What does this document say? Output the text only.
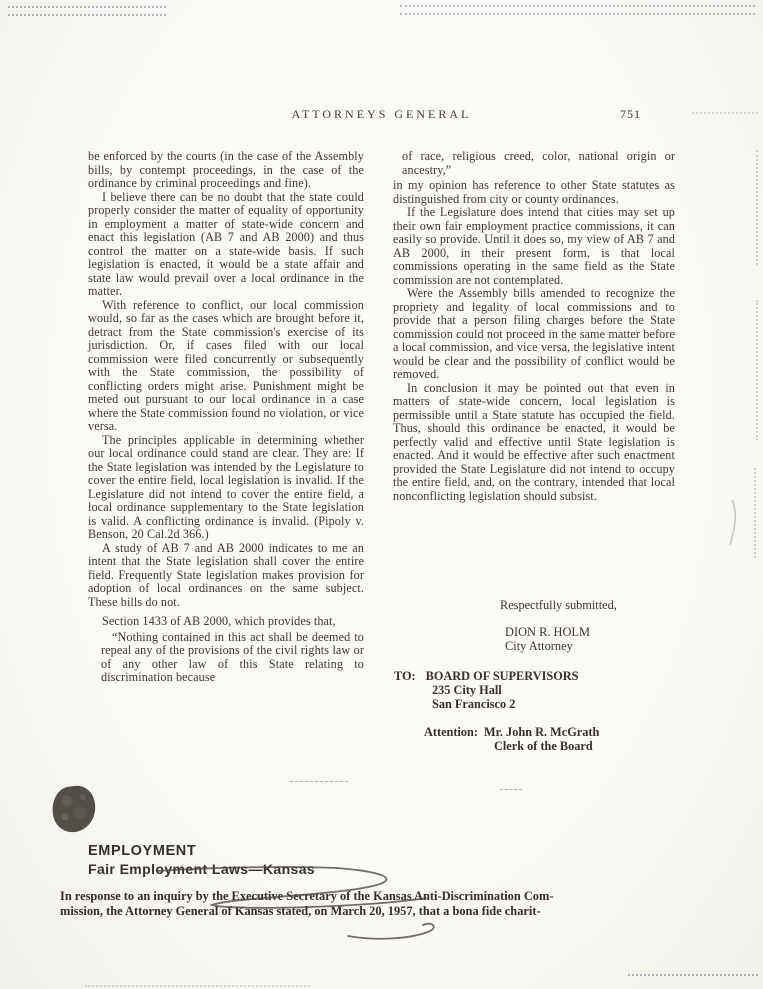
ATTORNEYS GENERAL	751

be enforced by the courts (in the case of the Assembly bills, by contempt proceedings, in the case of the ordinance by criminal proceedings and fine).

I believe there can be no doubt that the state could properly consider the matter of equality of opportunity in employment a matter of state-wide concern and enact this legislation (AB 7 and AB 2000) and thus control the matter on a state-wide basis. If such legislation is enacted, it would be a state affair and state law would prevail over a local ordinance in the matter.

With reference to conflict, our local commission would, so far as the cases which are brought before it, detract from the State commission's exercise of its jurisdiction. Or, if cases filed with our local commission were filed concurrently or subsequently with the State commission, the possibility of conflicting orders might arise. Punishment might be meted out pursuant to our local ordinance in a case where the State commission found no violation, or vice versa.

The principles applicable in determining whether our local ordinance could stand are clear. They are: If the State legislation was intended by the Legislature to cover the entire field, local legislation is invalid. If the Legislature did not intend to cover the entire field, a local ordinance supplementary to the State legislation is valid. A conflicting ordinance is invalid. (Pipoly v. Benson, 20 Cal.2d 366.)

A study of AB 7 and AB 2000 indicates to me an intent that the State legislation shall cover the entire field. Frequently State legislation makes provision for adoption of local ordinances on the same subject. These bills do not.

Section 1433 of AB 2000, which provides that,

“Nothing contained in this act shall be deemed to repeal any of the provisions of the civil rights law or of any other law of this State relating to discrimination because

of race, religious creed, color, national origin or ancestry,”

in my opinion has reference to other State statutes as distinguished from city or county ordinances.

If the Legislature does intend that cities may set up their own fair employment practice commissions, it can easily so provide. Until it does so, my view of AB 7 and AB 2000, in their present form, is that local commissions operating in the same field as the State commission are not contemplated.

Were the Assembly bills amended to recognize the propriety and legality of local commissions and to provide that a person filing charges before the State commission could not proceed in the same matter before a local commission, and vice versa, the legislative intent would be clear and the possibility of conflict would be removed.

In conclusion it may be pointed out that even in matters of state-wide concern, local legislation is permissible until a State statute has occupied the field. Thus, should this ordinance be enacted, it would be perfectly valid and effective until State legislation is enacted. And it would be effective after such enactment provided the State Legislature did not intend to occupy the entire field, and, on the contrary, intended that local nonconflicting legislation should subsist.

Respectfully submitted,
DION R. HOLM
City Attorney
TO: BOARD OF SUPERVISORS
235 City Hall
San Francisco 2
Attention: Mr. John R. McGrath
Clerk of the Board
EMPLOYMENT
Fair Employment Laws—Kansas
In response to an inquiry by the Executive Secretary of the Kansas Anti-Discrimination Com-
mission, the Attorney General of Kansas stated, on March 20, 1957, that a bona fide charit-
